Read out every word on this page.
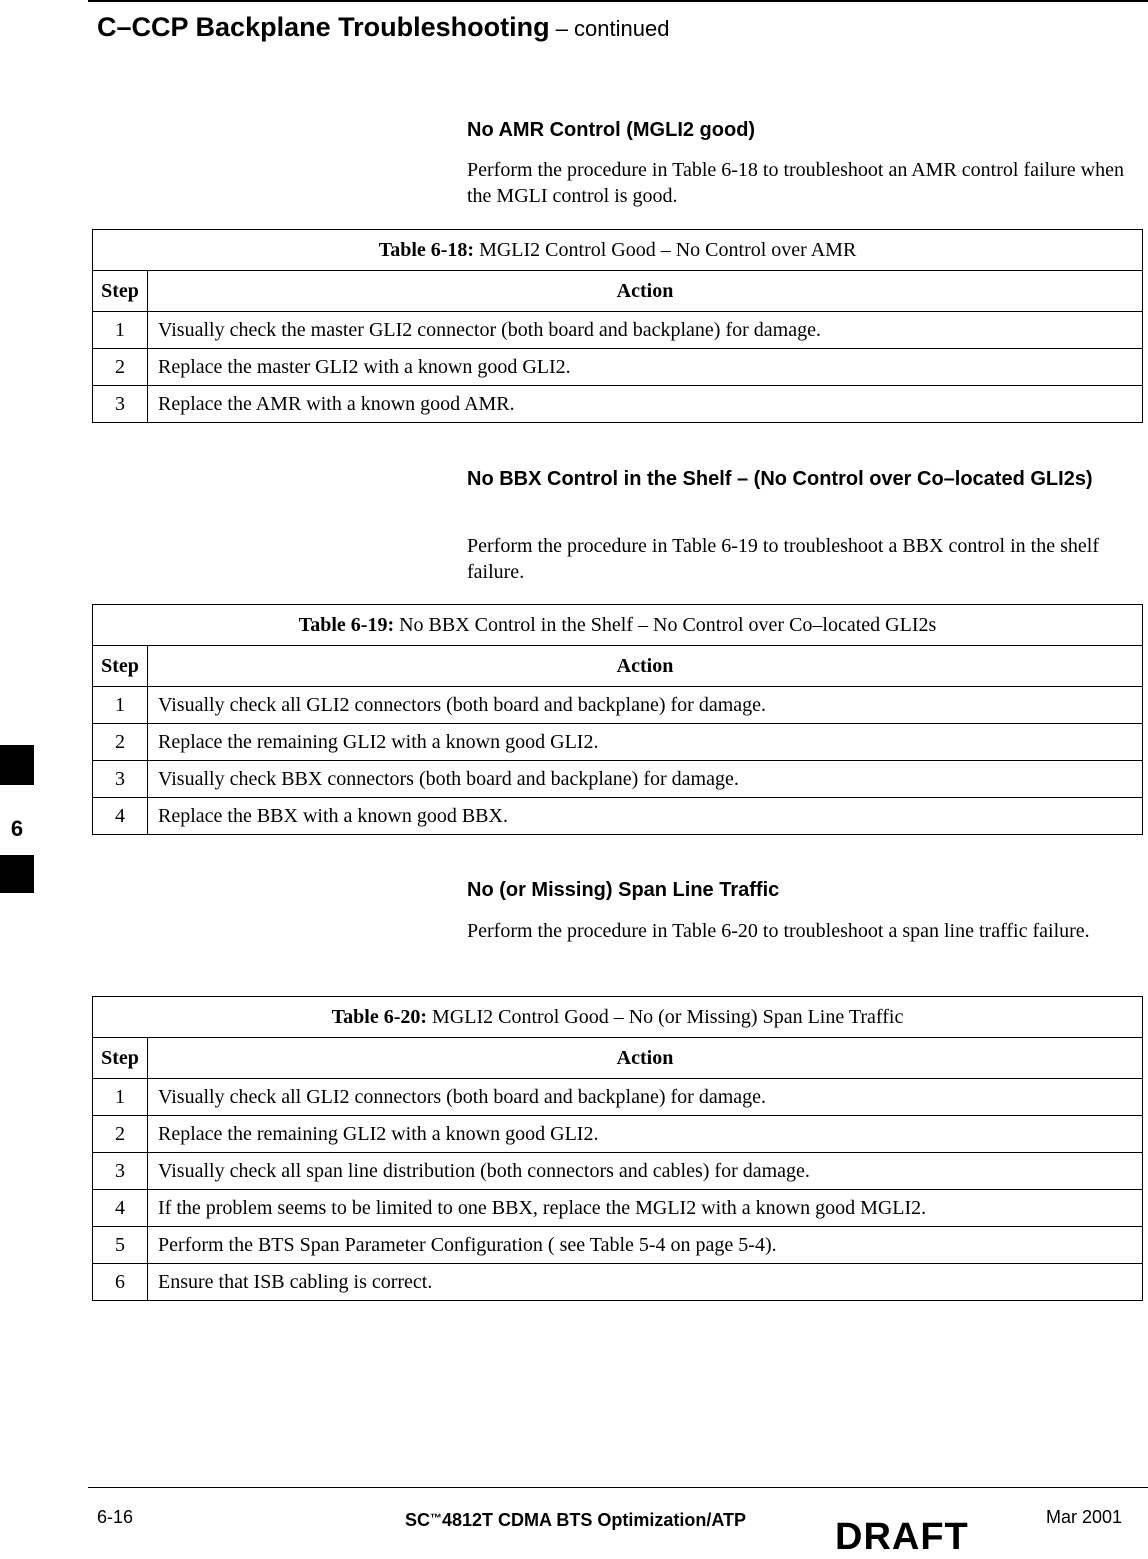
C–CCP Backplane Troubleshooting – continued
No AMR Control (MGLI2 good)
Perform the procedure in Table 6-18 to troubleshoot an AMR control failure when the MGLI control is good.
Table 6-18: MGLI2 Control Good – No Control over AMR	
Step	Action
1	Visually check the master GLI2 connector (both board and backplane) for damage.
2	Replace the master GLI2 with a known good GLI2.
3	Replace the AMR with a known good AMR.
No BBX Control in the Shelf – (No Control over Co–located GLI2s)
Perform the procedure in Table 6-19 to troubleshoot a BBX control in the shelf failure.
Table 6-19: No BBX Control in the Shelf – No Control over Co–located GLI2s	
Step	Action
1	Visually check all GLI2 connectors (both board and backplane) for damage.
2	Replace the remaining GLI2 with a known good GLI2.
3	Visually check BBX connectors (both board and backplane) for damage.
4	Replace the BBX with a known good BBX.
No (or Missing) Span Line Traffic
Perform the procedure in Table 6-20 to troubleshoot a span line traffic failure.
Table 6-20: MGLI2 Control Good – No (or Missing) Span Line Traffic	
Step	Action
1	Visually check all GLI2 connectors (both board and backplane) for damage.
2	Replace the remaining GLI2 with a known good GLI2.
3	Visually check all span line distribution (both connectors and cables) for damage.
4	If the problem seems to be limited to one BBX, replace the MGLI2 with a known good MGLI2.
5	Perform the BTS Span Parameter Configuration ( see Table 5-4 on page 5-4).
6	Ensure that ISB cabling is correct.
6
6-16	SC™4812T CDMA BTS Optimization/ATP	Mar 2001
DRAFT
